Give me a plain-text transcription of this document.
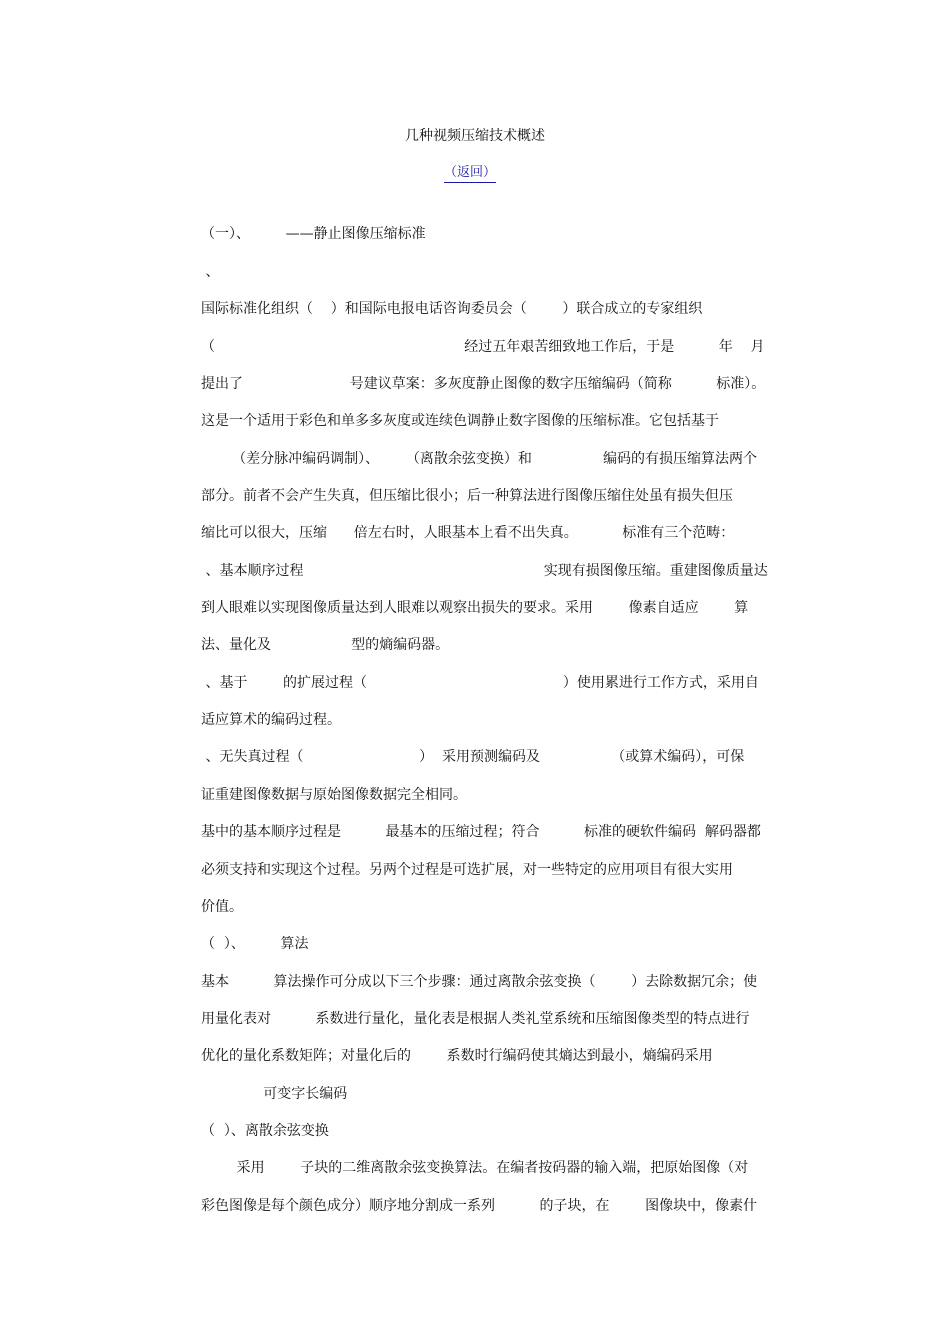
几种视频压缩技术概述
（返回）

（一）、        ——静止图像压缩标准

、

国际标准化组织（    ）和国际电报电话咨询委员会（        ）联合成立的专家组织

（                                                        经过五年艰苦细致地工作后，于是          年    月

提出了                        号建议草案：多灰度静止图像的数字压缩编码（简称          标准）。

这是一个适用于彩色和单多多灰度或连续色调静止数字图像的压缩标准。它包括基于

（差分脉冲编码调制）、      （离散余弦变换）和                编码的有损压缩算法两个

部分。前者不会产生失真，但压缩比很小；后一种算法进行图像压缩住处虽有损失但压

缩比可以很大，压缩      倍左右时，人眼基本上看不出失真。          标准有三个范畴：

、基本顺序过程                                                      实现有损图像压缩。重建图像质量达

到人眼难以实现图像质量达到人眼难以观察出损失的要求。采用        像素自适应        算

法、量化及                  型的熵编码器。

、基于        的扩展过程（                                            ）使用累进行工作方式，采用自

适应算术的编码过程。

、无失真过程（                          ）  采用预测编码及                （或算术编码），可保

证重建图像数据与原始图像数据完全相同。

基中的基本顺序过程是          最基本的压缩过程；符合          标准的硬软件编码  解码器都

必须支持和实现这个过程。另两个过程是可选扩展，对一些特定的应用项目有很大实用

价值。

（  ）、        算法

基本          算法操作可分成以下三个步骤：通过离散余弦变换（        ）去除数据冗余；使

用量化表对          系数进行量化，量化表是根据人类礼堂系统和压缩图像类型的特点进行

优化的量化系数矩阵；对量化后的        系数时行编码使其熵达到最小，熵编码采用

可变字长编码

（  ）、离散余弦变换

采用        子块的二维离散余弦变换算法。在编者按码器的输入端，把原始图像（对

彩色图像是每个颜色成分）顺序地分割成一系列          的子块，在        图像块中，像素什
